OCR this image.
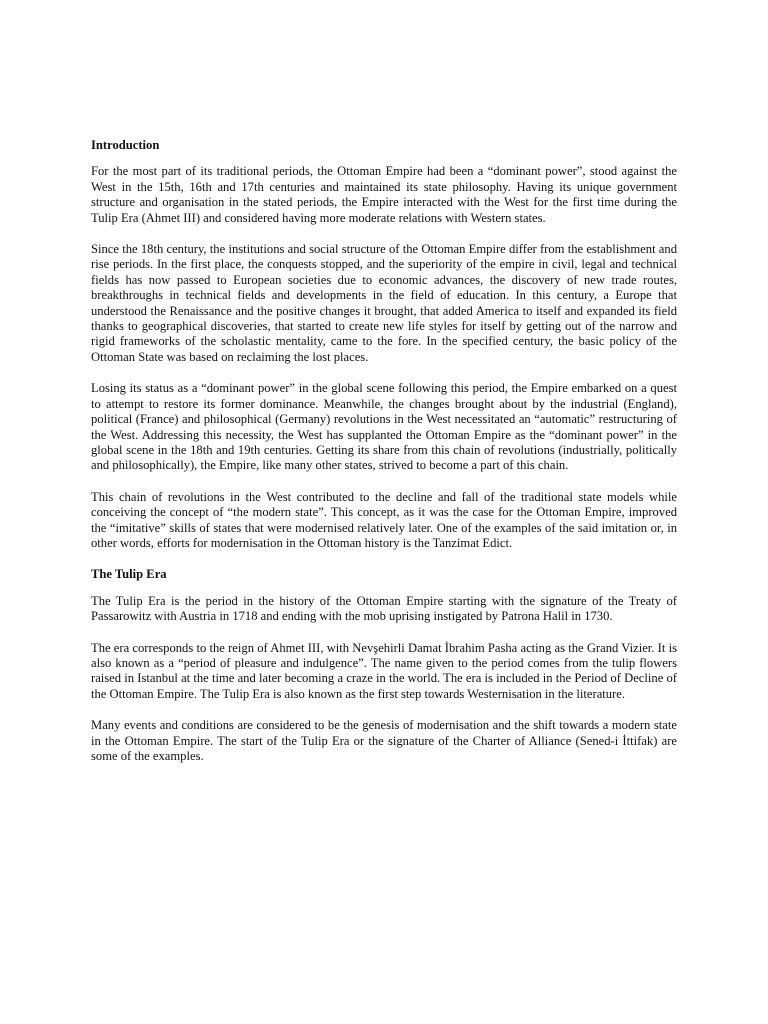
Introduction

For the most part of its traditional periods, the Ottoman Empire had been a “dominant power”, stood against the West in the 15th, 16th and 17th centuries and maintained its state philosophy. Having its unique government structure and organisation in the stated periods, the Empire interacted with the West for the first time during the Tulip Era (Ahmet III) and considered having more moderate relations with Western states.

Since the 18th century, the institutions and social structure of the Ottoman Empire differ from the establishment and rise periods. In the first place, the conquests stopped, and the superiority of the empire in civil, legal and technical fields has now passed to European societies due to economic advances, the discovery of new trade routes, breakthroughs in technical fields and developments in the field of education. In this century, a Europe that understood the Renaissance and the positive changes it brought, that added America to itself and expanded its field thanks to geographical discoveries, that started to create new life styles for itself by getting out of the narrow and rigid frameworks of the scholastic mentality, came to the fore. In the specified century, the basic policy of the Ottoman State was based on reclaiming the lost places.

Losing its status as a “dominant power” in the global scene following this period, the Empire embarked on a quest to attempt to restore its former dominance. Meanwhile, the changes brought about by the industrial (England), political (France) and philosophical (Germany) revolutions in the West necessitated an “automatic” restructuring of the West. Addressing this necessity, the West has supplanted the Ottoman Empire as the “dominant power” in the global scene in the 18th and 19th centuries. Getting its share from this chain of revolutions (industrially, politically and philosophically), the Empire, like many other states, strived to become a part of this chain.

This chain of revolutions in the West contributed to the decline and fall of the traditional state models while conceiving the concept of “the modern state”. This concept, as it was the case for the Ottoman Empire, improved the “imitative” skills of states that were modernised relatively later. One of the examples of the said imitation or, in other words, efforts for modernisation in the Ottoman history is the Tanzimat Edict.

The Tulip Era

The Tulip Era is the period in the history of the Ottoman Empire starting with the signature of the Treaty of Passarowitz with Austria in 1718 and ending with the mob uprising instigated by Patrona Halil in 1730.

The era corresponds to the reign of Ahmet III, with Nevşehirli Damat İbrahim Pasha acting as the Grand Vizier. It is also known as a “period of pleasure and indulgence”. The name given to the period comes from the tulip flowers raised in Istanbul at the time and later becoming a craze in the world. The era is included in the Period of Decline of the Ottoman Empire. The Tulip Era is also known as the first step towards Westernisation in the literature.

Many events and conditions are considered to be the genesis of modernisation and the shift towards a modern state in the Ottoman Empire. The start of the Tulip Era or the signature of the Charter of Alliance (Sened-i İttifak) are some of the examples.
